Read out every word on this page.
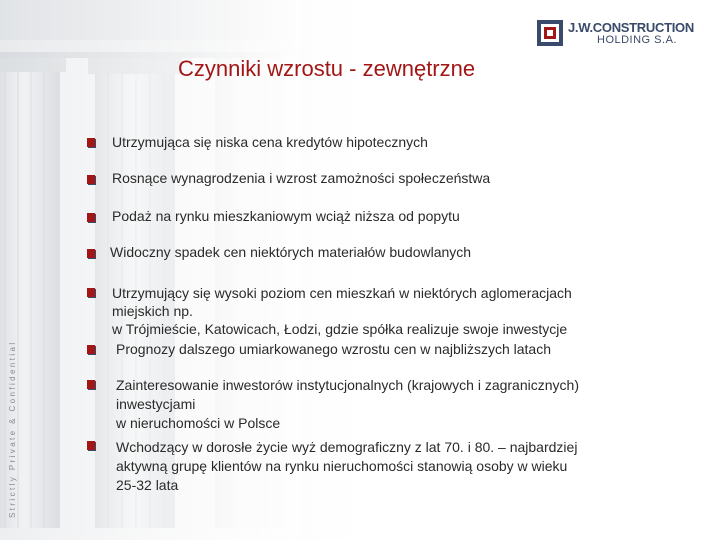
J.W.CONSTRUCTION
HOLDING S.A.
Czynniki wzrostu - zewnętrzne
Strictly Private & Confidential
Utrzymująca się niska cena kredytów hipotecznych
Rosnące wynagrodzenia i wzrost zamożności społeczeństwa
Podaż na rynku mieszkaniowym wciąż niższa od popytu
Widoczny spadek cen niektórych materiałów budowlanych
Utrzymujący się wysoki poziom cen mieszkań w niektórych aglomeracjach
miejskich np.
w Trójmieście, Katowicach, Łodzi, gdzie spółka realizuje swoje inwestycje
Prognozy dalszego umiarkowanego wzrostu cen w najbliższych latach
Zainteresowanie inwestorów instytucjonalnych (krajowych i zagranicznych)
inwestycjami
w nieruchomości w Polsce
Wchodzący w dorosłe życie wyż demograficzny z lat 70. i 80. – najbardziej
aktywną grupę klientów na rynku nieruchomości stanowią osoby w wieku
25-32 lata
